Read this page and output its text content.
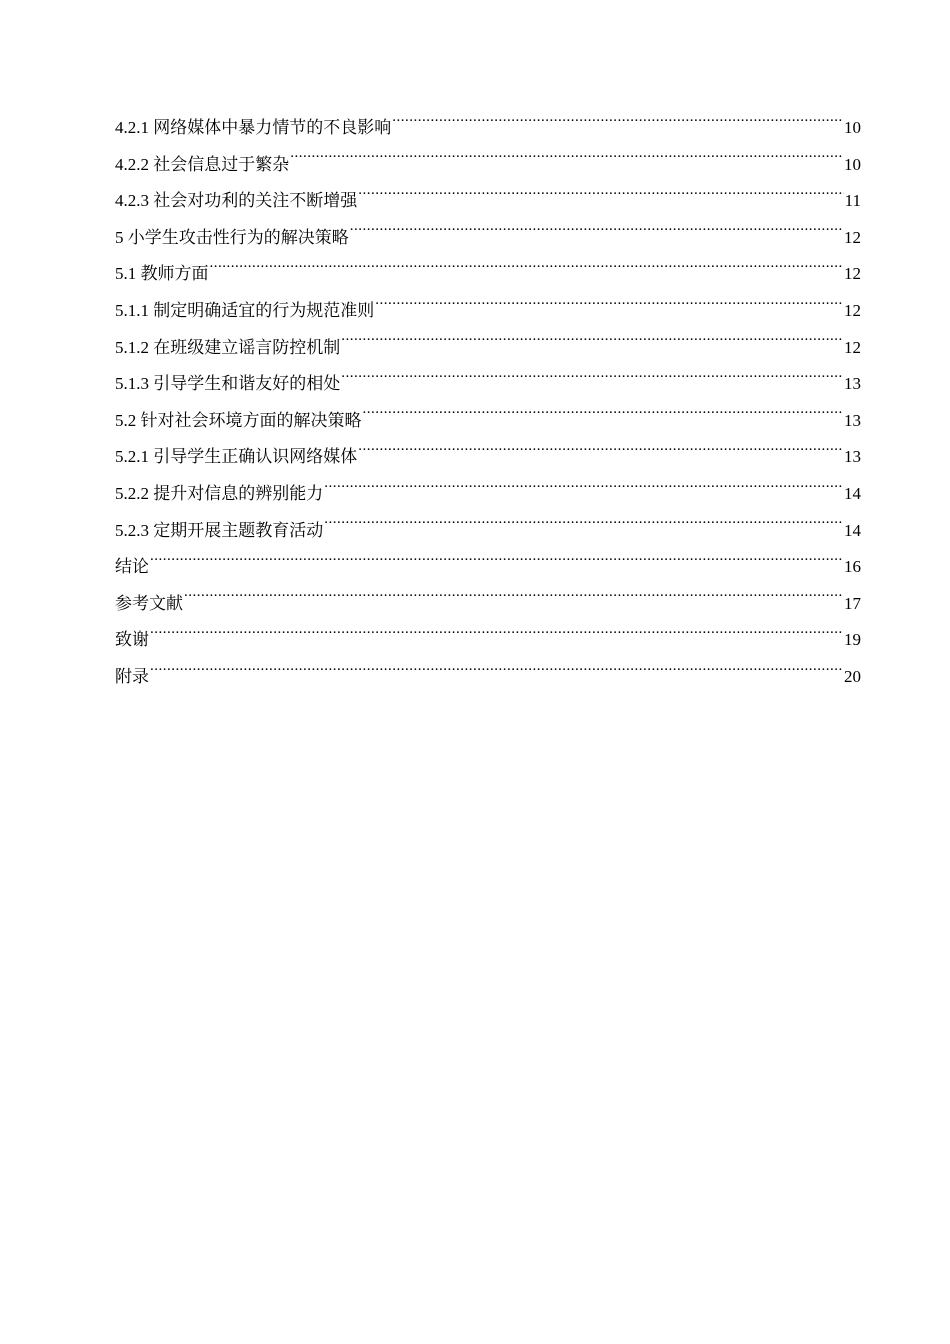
4.2.1 网络媒体中暴力情节的不良影响 .....	10
4.2.2 社会信息过于繁杂 .....	10
4.2.3 社会对功利的关注不断增强 .....	11
5 小学生攻击性行为的解决策略 .....	12
5.1 教师方面 .....	12
5.1.1 制定明确适宜的行为规范准则 .....	12
5.1.2 在班级建立谣言防控机制 .....	12
5.1.3 引导学生和谐友好的相处 .....	13
5.2 针对社会环境方面的解决策略 .....	13
5.2.1 引导学生正确认识网络媒体 .....	13
5.2.2 提升对信息的辨别能力 .....	14
5.2.3 定期开展主题教育活动 .....	14
结论 .....	16
参考文献 .....	17
致谢 .....	19
附录 .....	20
